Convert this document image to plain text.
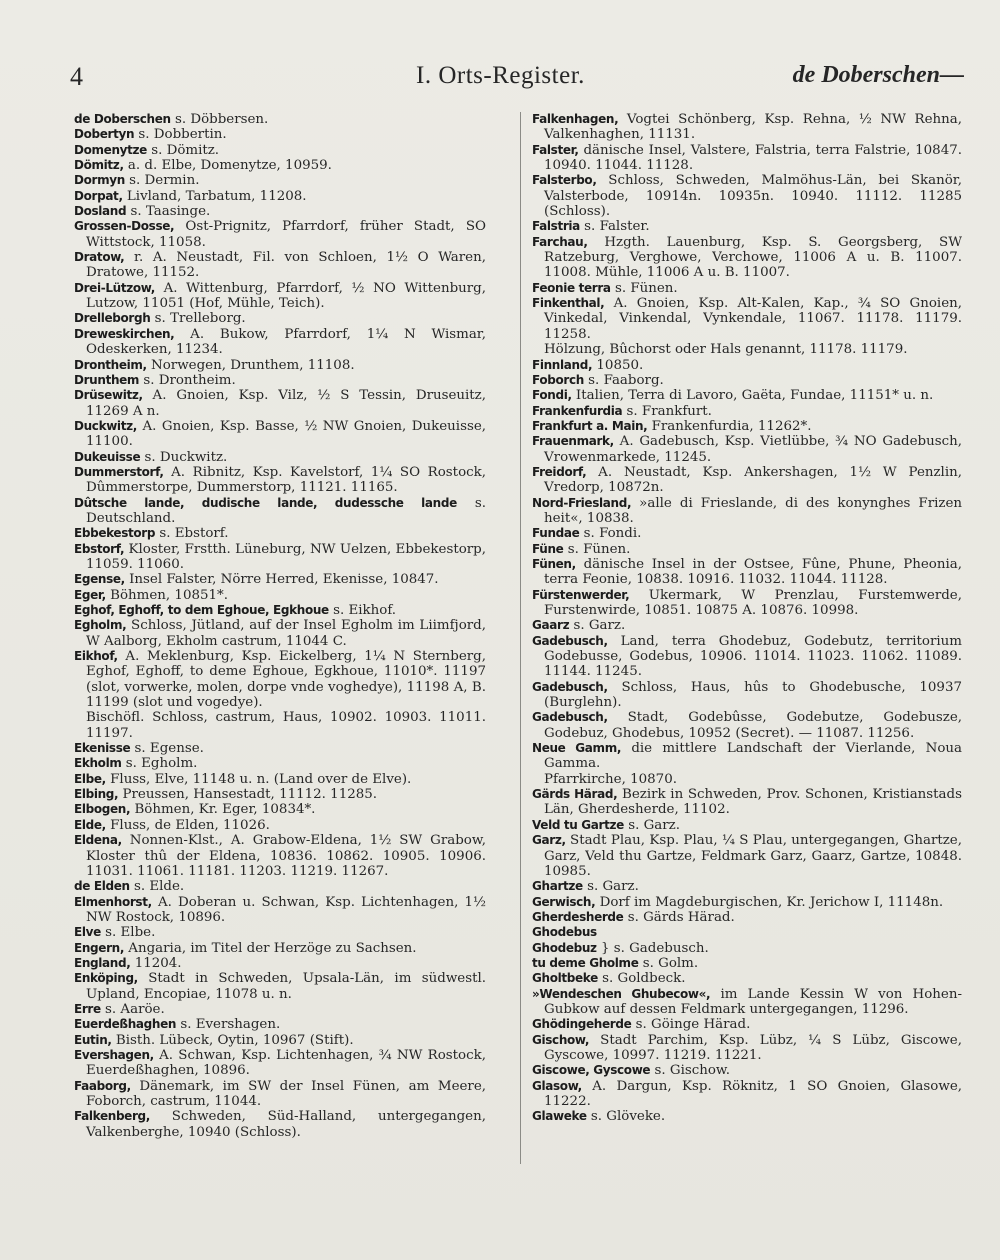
4	I. Orts-Register.	de Doberschen—

de Doberschen s. Döbbersen.

Dobertyn s. Dobbertin.

Domenytze s. Dömitz.

Dömitz, a. d. Elbe, Domenytze, 10959.

Dormyn s. Dermin.

Dorpat, Livland, Tarbatum, 11208.

Dosland s. Taasinge.

Grossen-Dosse, Ost-Prignitz, Pfarrdorf, früher Stadt, SO Wittstock, 11058.

Dratow, r. A. Neustadt, Fil. von Schloen, 1½ O Waren, Dratowe, 11152.

Drei-Lützow, A. Wittenburg, Pfarrdorf, ½ NO Wittenburg, Lutzow, 11051 (Hof, Mühle, Teich).

Drelleborgh s. Trelleborg.

Dreweskirchen, A. Bukow, Pfarrdorf, 1¼ N Wismar, Odeskerken, 11234.

Drontheim, Norwegen, Drunthem, 11108.

Drunthem s. Drontheim.

Drüsewitz, A. Gnoien, Ksp. Vilz, ½ S Tessin, Druseuitz, 11269 A n.

Duckwitz, A. Gnoien, Ksp. Basse, ½ NW Gnoien, Dukeuisse, 11100.

Dukeuisse s. Duckwitz.

Dummerstorf, A. Ribnitz, Ksp. Kavelstorf, 1¼ SO Rostock, Dûmmerstorpe, Dummerstorp, 11121. 11165.

Dûtsche lande, dudische lande, dudessche lande s. Deutschland.

Ebbekestorp s. Ebstorf.

Ebstorf, Kloster, Frstth. Lüneburg, NW Uelzen, Ebbekestorp, 11059. 11060.

Egense, Insel Falster, Nörre Herred, Ekenisse, 10847.

Eger, Böhmen, 10851*.

Eghof, Eghoff, to dem Eghoue, Egkhoue s. Eikhof.

Egholm, Schloss, Jütland, auf der Insel Egholm im Liimfjord, W Aalborg, Ekholm castrum, 11044 C.

Eikhof, A. Meklenburg, Ksp. Eickelberg, 1¼ N Sternberg, Eghof, Eghoff, to deme Eghoue, Egkhoue, 11010*. 11197 (slot, vorwerke, molen, dorpe vnde voghedye), 11198 A, B. 11199 (slot und vogedye).

Bischöfl. Schloss, castrum, Haus, 10902. 10903. 11011. 11197.

Ekenisse s. Egense.

Ekholm s. Egholm.

Elbe, Fluss, Elve, 11148 u. n. (Land over de Elve).

Elbing, Preussen, Hansestadt, 11112. 11285.

Elbogen, Böhmen, Kr. Eger, 10834*.

Elde, Fluss, de Elden, 11026.

Eldena, Nonnen-Klst., A. Grabow-Eldena, 1½ SW Grabow, Kloster thû der Eldena, 10836. 10862. 10905. 10906. 11031. 11061. 11181. 11203. 11219. 11267.

de Elden s. Elde.

Elmenhorst, A. Doberan u. Schwan, Ksp. Lichtenhagen, 1½ NW Rostock, 10896.

Elve s. Elbe.

Engern, Angaria, im Titel der Herzöge zu Sachsen.

England, 11204.

Enköping, Stadt in Schweden, Upsala-Län, im südwestl. Upland, Encopiae, 11078 u. n.

Erre s. Aaröe.

Euerdeßhaghen s. Evershagen.

Eutin, Bisth. Lübeck, Oytin, 10967 (Stift).

Evershagen, A. Schwan, Ksp. Lichtenhagen, ¾ NW Rostock, Euerdeßhaghen, 10896.

Faaborg, Dänemark, im SW der Insel Fünen, am Meere, Foborch, castrum, 11044.

Falkenberg, Schweden, Süd-Halland, untergegangen, Valkenberghe, 10940 (Schloss).

Falkenhagen, Vogtei Schönberg, Ksp. Rehna, ½ NW Rehna, Valkenhaghen, 11131.

Falster, dänische Insel, Valstere, Falstria, terra Falstrie, 10847. 10940. 11044. 11128.

Falsterbo, Schloss, Schweden, Malmöhus-Län, bei Skanör, Valsterbode, 10914n. 10935n. 10940. 11112. 11285 (Schloss).

Falstria s. Falster.

Farchau, Hzgth. Lauenburg, Ksp. S. Georgsberg, SW Ratzeburg, Verghowe, Verchowe, 11006 A u. B. 11007. 11008. Mühle, 11006 A u. B. 11007.

Feonie terra s. Fünen.

Finkenthal, A. Gnoien, Ksp. Alt-Kalen, Kap., ¾ SO Gnoien, Vinkedal, Vinkendal, Vynkendale, 11067. 11178. 11179. 11258.

Hölzung, Bûchorst oder Hals genannt, 11178. 11179.

Finnland, 10850.

Foborch s. Faaborg.

Fondi, Italien, Terra di Lavoro, Gaëta, Fundae, 11151* u. n.

Frankenfurdia s. Frankfurt.

Frankfurt a. Main, Frankenfurdia, 11262*.

Frauenmark, A. Gadebusch, Ksp. Vietlübbe, ¾ NO Gadebusch, Vrowenmarkede, 11245.

Freidorf, A. Neustadt, Ksp. Ankershagen, 1½ W Penzlin, Vredorp, 10872n.

Nord-Friesland, »alle di Frieslande, di des konynghes Frizen heit«, 10838.

Fundae s. Fondi.

Füne s. Fünen.

Fünen, dänische Insel in der Ostsee, Fûne, Phune, Pheonia, terra Feonie, 10838. 10916. 11032. 11044. 11128.

Fürstenwerder, Ukermark, W Prenzlau, Furstemwerde, Furstenwirde, 10851. 10875 A. 10876. 10998.

Gaarz s. Garz.

Gadebusch, Land, terra Ghodebuz, Godebutz, territorium Godebusse, Godebus, 10906. 11014. 11023. 11062. 11089. 11144. 11245.

Gadebusch, Schloss, Haus, hûs to Ghodebusche, 10937 (Burglehn).

Gadebusch, Stadt, Godebûsse, Godebutze, Godebusze, Godebuz, Ghodebus, 10952 (Secret). — 11087. 11256.

Neue Gamm, die mittlere Landschaft der Vierlande, Noua Gamma.

Pfarrkirche, 10870.

Gärds Härad, Bezirk in Schweden, Prov. Schonen, Kristianstads Län, Gherdesherde, 11102.

Veld tu Gartze s. Garz.

Garz, Stadt Plau, Ksp. Plau, ¼ S Plau, untergegangen, Ghartze, Garz, Veld thu Gartze, Feldmark Garz, Gaarz, Gartze, 10848. 10985.

Ghartze s. Garz.

Gerwisch, Dorf im Magdeburgischen, Kr. Jerichow I, 11148n.

Gherdesherde s. Gärds Härad.

Ghodebus

Ghodebuz } s. Gadebusch.

tu deme Gholme s. Golm.

Gholtbeke s. Goldbeck.

»Wendeschen Ghubecow«, im Lande Kessin W von Hohen-Gubkow auf dessen Feldmark untergegangen, 11296.

Ghödingeherde s. Göinge Härad.

Gischow, Stadt Parchim, Ksp. Lübz, ¼ S Lübz, Giscowe, Gyscowe, 10997. 11219. 11221.

Giscowe, Gyscowe s. Gischow.

Glasow, A. Dargun, Ksp. Röknitz, 1 SO Gnoien, Glasowe, 11222.

Glaweke s. Glöveke.
